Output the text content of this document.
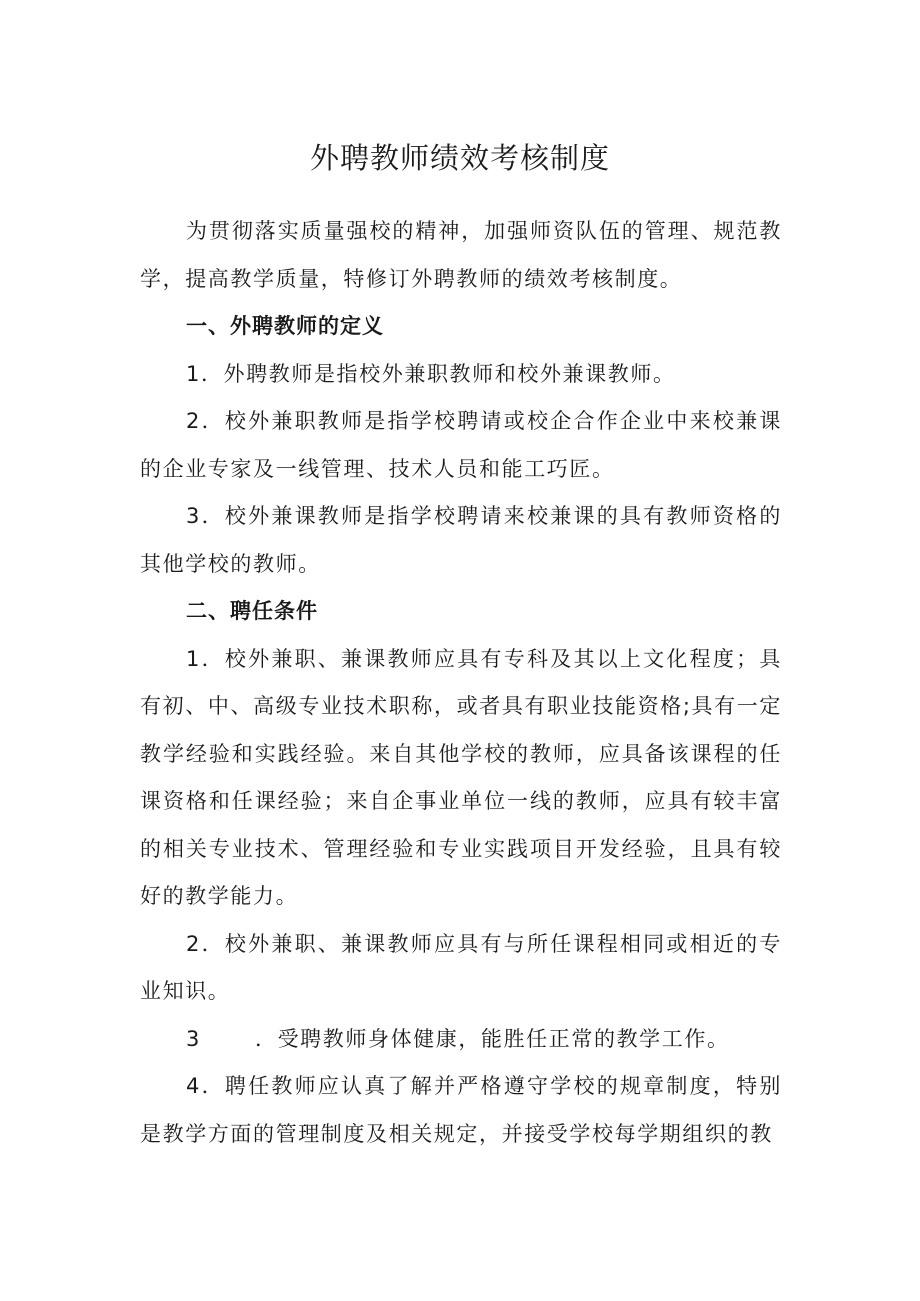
外聘教师绩效考核制度

为贯彻落实质量强校的精神，加强师资队伍的管理、规范教学，提高教学质量，特修订外聘教师的绩效考核制度。

一、外聘教师的定义

1．外聘教师是指校外兼职教师和校外兼课教师。

2．校外兼职教师是指学校聘请或校企合作企业中来校兼课的企业专家及一线管理、技术人员和能工巧匠。

3．校外兼课教师是指学校聘请来校兼课的具有教师资格的其他学校的教师。

二、聘任条件

1．校外兼职、兼课教师应具有专科及其以上文化程度；具有初、中、高级专业技术职称，或者具有职业技能资格;具有一定教学经验和实践经验。来自其他学校的教师，应具备该课程的任课资格和任课经验；来自企事业单位一线的教师，应具有较丰富的相关专业技术、管理经验和专业实践项目开发经验，且具有较好的教学能力。

2．校外兼职、兼课教师应具有与所任课程相同或相近的专业知识。

3	．受聘教师身体健康，能胜任正常的教学工作。

4．聘任教师应认真了解并严格遵守学校的规章制度，特别是教学方面的管理制度及相关规定，并接受学校每学期组织的教
